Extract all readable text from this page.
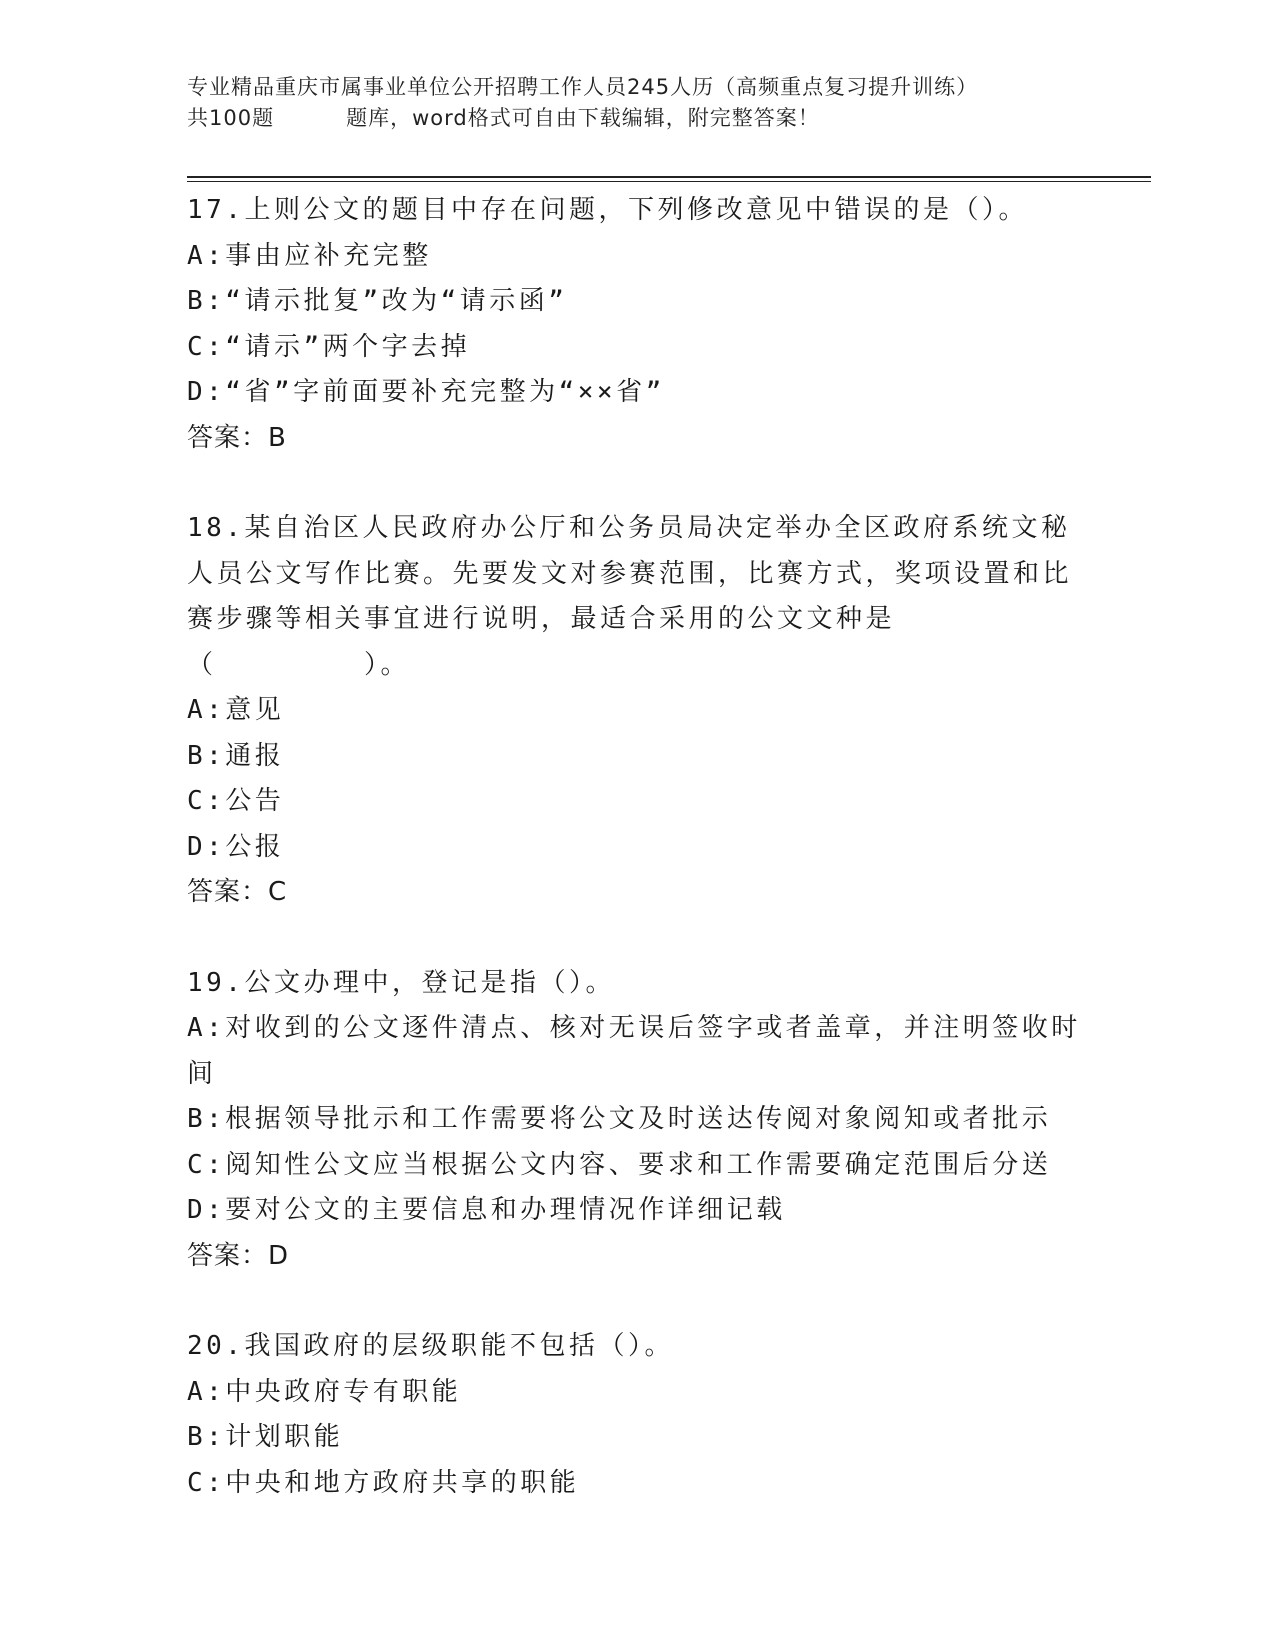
专业精品重庆市属事业单位公开招聘工作人员245人历（高频重点复习提升训练）
共100题	题库，word格式可自由下载编辑，附完整答案！
17.上则公文的题目中存在问题，下列修改意见中错误的是（）。
A:事由应补充完整
B:“请示批复”改为“请示函”
C:“请示”两个字去掉
D:“省”字前面要补充完整为“××省”
答案：B
18.某自治区人民政府办公厅和公务员局决定举办全区政府系统文秘人员公文写作比赛。先要发文对参赛范围，比赛方式，奖项设置和比赛步骤等相关事宜进行说明，最适合采用的公文文种是（　　　　　）。
A:意见
B:通报
C:公告
D:公报
答案：C
19.公文办理中，登记是指（）。
A:对收到的公文逐件清点、核对无误后签字或者盖章，并注明签收时间
B:根据领导批示和工作需要将公文及时送达传阅对象阅知或者批示
C:阅知性公文应当根据公文内容、要求和工作需要确定范围后分送
D:要对公文的主要信息和办理情况作详细记载
答案：D
20.我国政府的层级职能不包括（）。
A:中央政府专有职能
B:计划职能
C:中央和地方政府共享的职能
